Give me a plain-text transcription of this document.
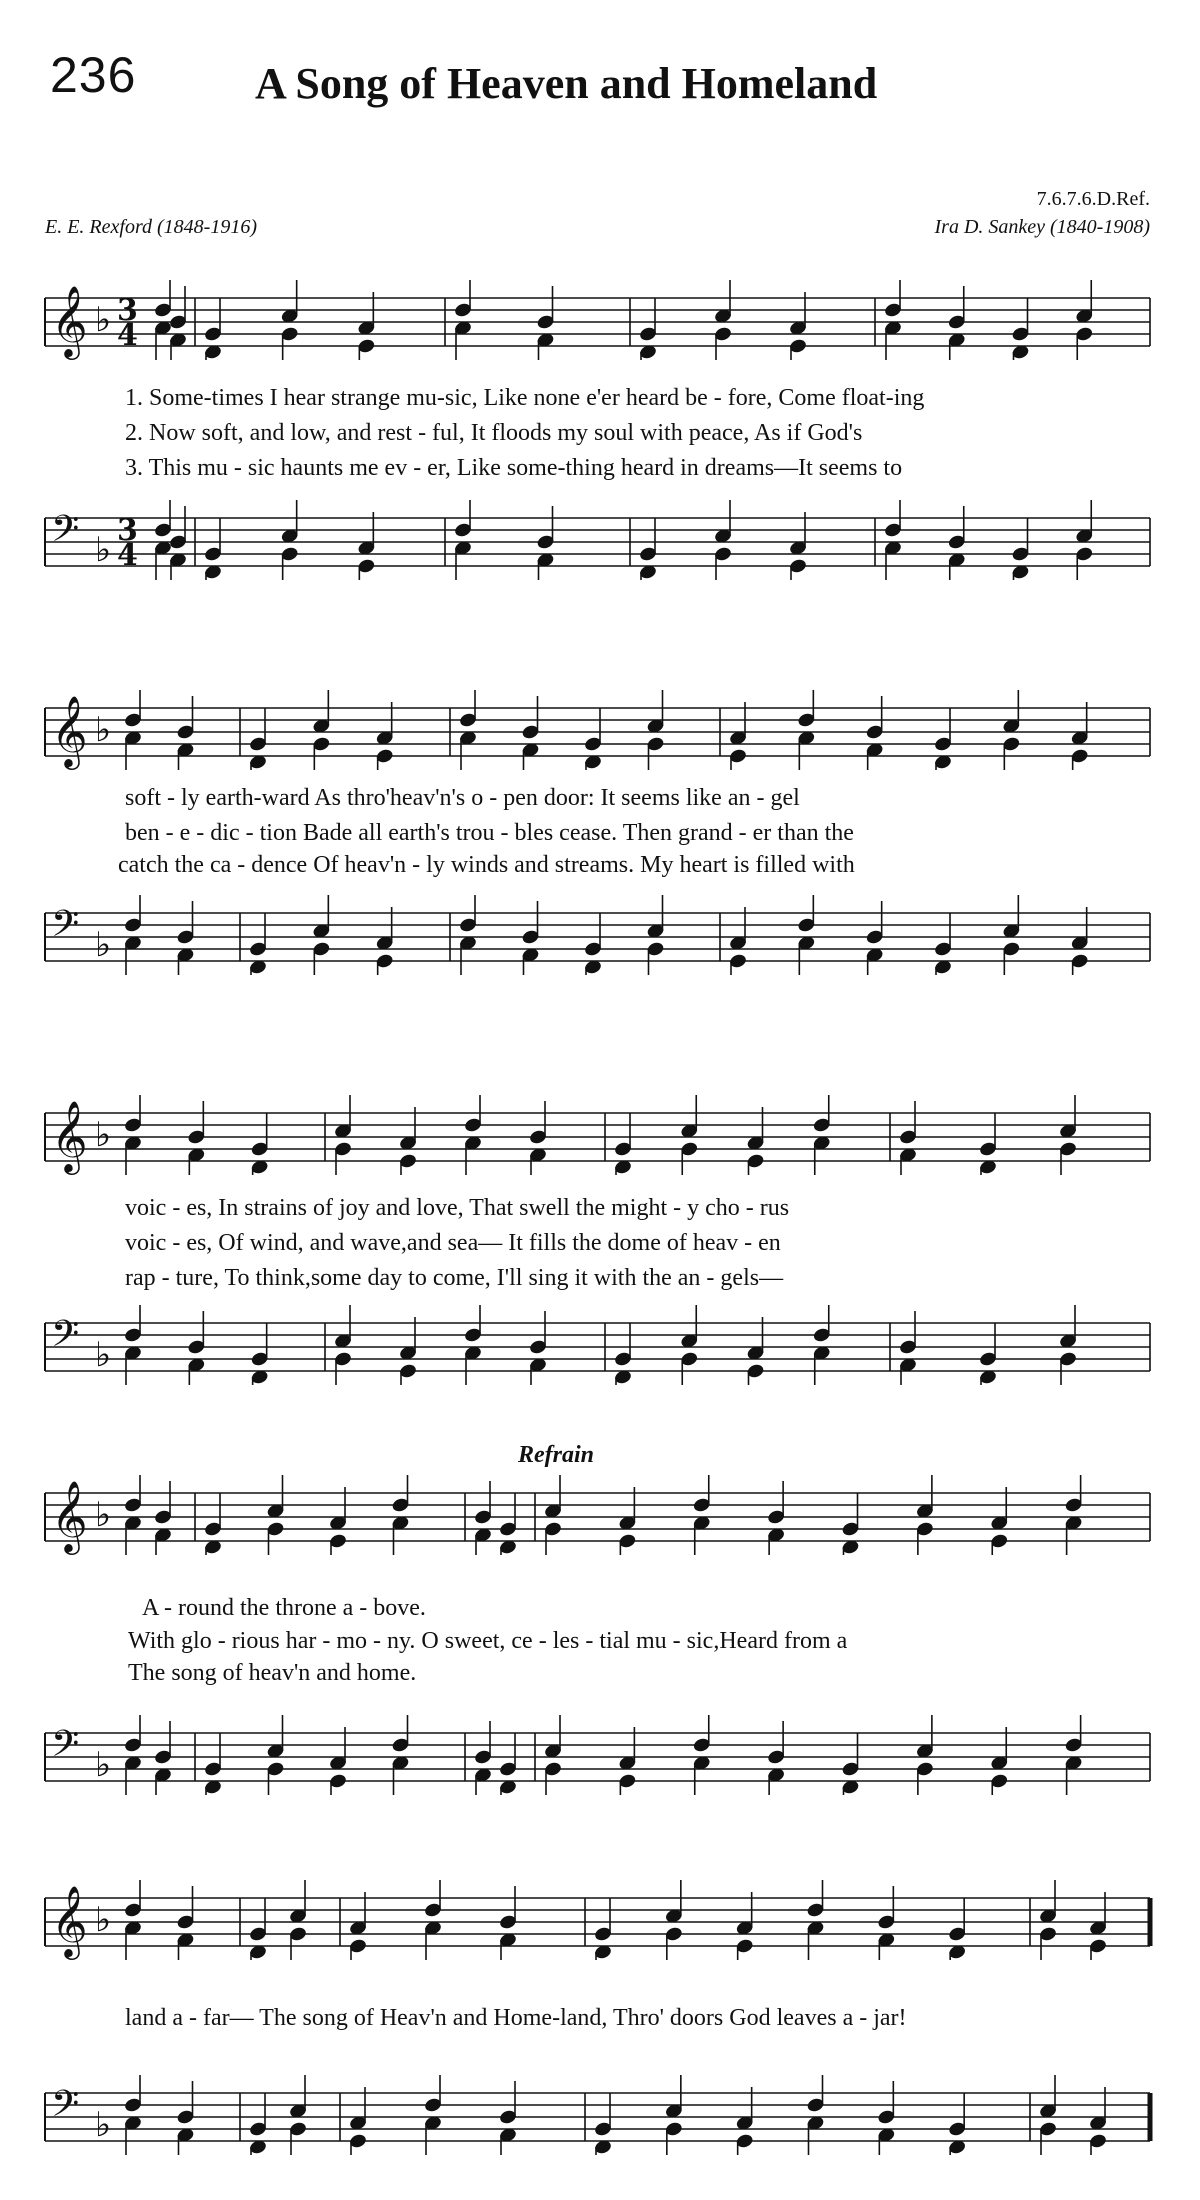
236	A Song of Heaven and Homeland
7.6.7.6.D.Ref.
E. E. Rexford (1848-1916)	Ira D. Sankey (1840-1908)
Refrain
𝄞 ♭ 3
4
1. Some-times I hear strange mu-sic, Like none e'er heard be - fore, Come float-ing
2. Now soft, and low, and rest - ful, It floods my soul with peace, As if God's
3. This mu - sic haunts me ev - er, Like some-thing heard in dreams—It seems to
𝄢 ♭ 3
4
𝄞 ♭
soft - ly earth-ward As thro'heav'n's o - pen door: It seems like an - gel
ben - e - dic - tion Bade all earth's trou - bles cease. Then grand - er than the
catch the ca - dence Of heav'n - ly winds and streams. My heart is filled with
𝄢 ♭
𝄞 ♭
voic - es, In strains of joy and love, That swell the might - y cho - rus
voic - es, Of wind, and wave,and sea— It fills the dome of heav - en
rap - ture, To think,some day to come, I'll sing it with the an - gels—
𝄢 ♭
𝄞 ♭
A - round the throne a - bove.
With glo - rious har - mo - ny. O sweet, ce - les - tial mu - sic,Heard from a
The song of heav'n and home.
𝄢 ♭
𝄞 ♭
land a - far— The song of Heav'n and Home-land, Thro' doors God leaves a - jar!
𝄢 ♭
